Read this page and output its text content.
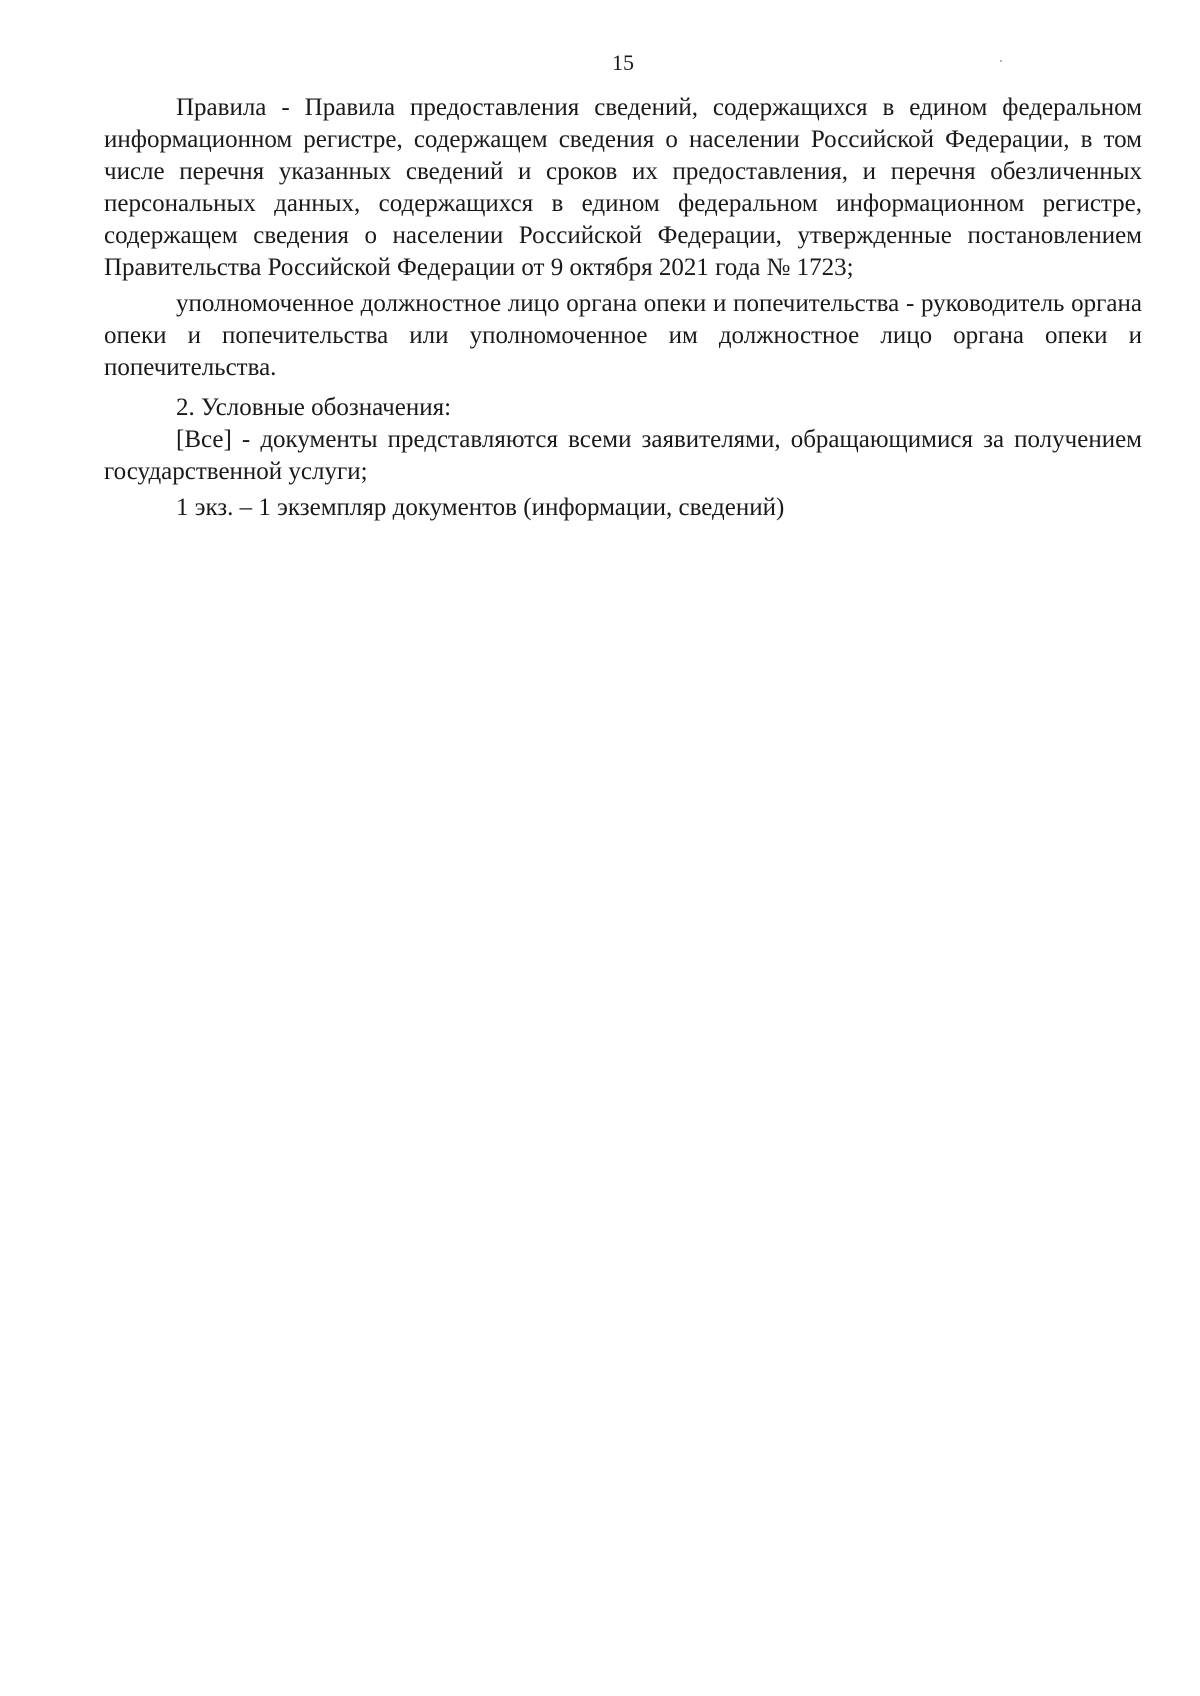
15

Правила - Правила предоставления сведений, содержащихся в едином федеральном информационном регистре, содержащем сведения о населении Российской Федерации, в том числе перечня указанных сведений и сроков их предоставления, и перечня обезличенных персональных данных, содержащихся в едином федеральном информационном регистре, содержащем сведения о населении Российской Федерации, утвержденные постановлением Правительства Российской Федерации от 9 октября 2021 года № 1723;

уполномоченное должностное лицо органа опеки и попечительства - руководитель органа опеки и попечительства или уполномоченное им должностное лицо органа опеки и попечительства.

2. Условные обозначения:

[Все] - документы представляются всеми заявителями, обращающимися за получением государственной услуги;

1 экз. – 1 экземпляр документов (информации, сведений)
